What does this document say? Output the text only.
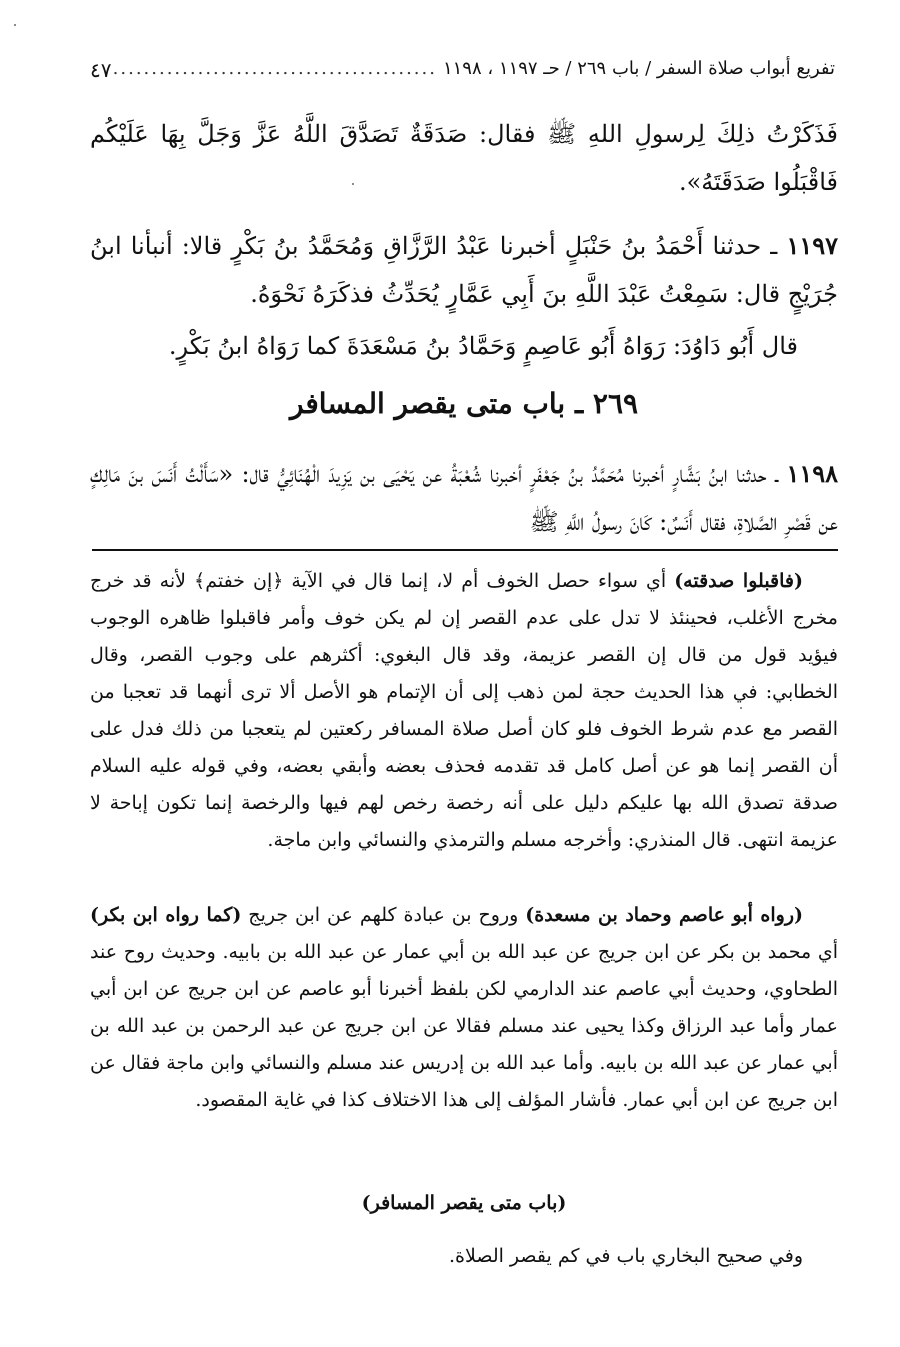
تفريع أبواب صلاة السفر / باب ٢٦٩ / حـ ١١٩٧ ، ١١٩٨
.....
٤٧
فَذَكَرْتُ ذلِكَ لِرسولِ اللهِ ﷺ فقال: صَدَقَةٌ تَصَدَّقَ اللَّهُ عَزَّ وَجَلَّ بِهَا عَلَيْكُم فَاقْبَلُوا صَدَقَتَهُ».
١١٩٧ ـ حدثنا أَحْمَدُ بنُ حَنْبَلٍ أخبرنا عَبْدُ الرَّزَّاقِ وَمُحَمَّدُ بنُ بَكْرٍ قالا: أنبأنا ابنُ جُرَيْجٍ قال: سَمِعْتُ عَبْدَ اللَّهِ بنَ أَبِي عَمَّارٍ يُحَدِّثُ فذكَرَهُ نَحْوَهُ.
قال أَبُو دَاوُدَ: رَوَاهُ أَبُو عَاصِمٍ وَحَمَّادُ بنُ مَسْعَدَةَ كما رَوَاهُ ابنُ بَكْرٍ.
٢٦٩ ـ باب متى يقصر المسافر
١١٩٨ ـ حدثنا ابنُ بَشَّارٍ أخبرنا مُحَمَّدُ بنُ جَعْفَرٍ أخبرنا شُعْبَةُ عن يَحْيَى بن يَزِيدَ الْهُنَائِيُّ قال: «سَأَلْتُ أَنَسَ بنَ مَالِكٍ عن قَصْرِ الصَّلاةِ، فقال أَنَسٌ: كَانَ رسولُ اللَّهِ ﷺ
(فاقبلوا صدقته) أي سواء حصل الخوف أم لا، إنما قال في الآية ﴿إن خفتم﴾ لأنه قد خرج مخرج الأغلب، فحينئذ لا تدل على عدم القصر إن لم يكن خوف وأمر فاقبلوا ظاهره الوجوب فيؤيد قول من قال إن القصر عزيمة، وقد قال البغوي: أكثرهم على وجوب القصر، وقال الخطابي: في هذا الحديث حجة لمن ذهب إلى أن الإتمام هو الأصل ألا ترى أنهما قد تعجبا من القصر مع عدم شرط الخوف فلو كان أصل صلاة المسافر ركعتين لم يتعجبا من ذلك فدل على أن القصر إنما هو عن أصل كامل قد تقدمه فحذف بعضه وأبقي بعضه، وفي قوله عليه السلام صدقة تصدق الله بها عليكم دليل على أنه رخصة رخص لهم فيها والرخصة إنما تكون إباحة لا عزيمة انتهى. قال المنذري: وأخرجه مسلم والترمذي والنسائي وابن ماجة.
(رواه أبو عاصم وحماد بن مسعدة) وروح بن عبادة كلهم عن ابن جريج (كما رواه ابن بكر) أي محمد بن بكر عن ابن جريج عن عبد الله بن أبي عمار عن عبد الله بن بابيه. وحديث روح عند الطحاوي، وحديث أبي عاصم عند الدارمي لكن بلفظ أخبرنا أبو عاصم عن ابن جريج عن ابن أبي عمار وأما عبد الرزاق وكذا يحيى عند مسلم فقالا عن ابن جريج عن عبد الرحمن بن عبد الله بن أبي عمار عن عبد الله بن بابيه. وأما عبد الله بن إدريس عند مسلم والنسائي وابن ماجة فقال عن ابن جريج عن ابن أبي عمار. فأشار المؤلف إلى هذا الاختلاف كذا في غاية المقصود.
(باب متى يقصر المسافر)
وفي صحيح البخاري باب في كم يقصر الصلاة.
